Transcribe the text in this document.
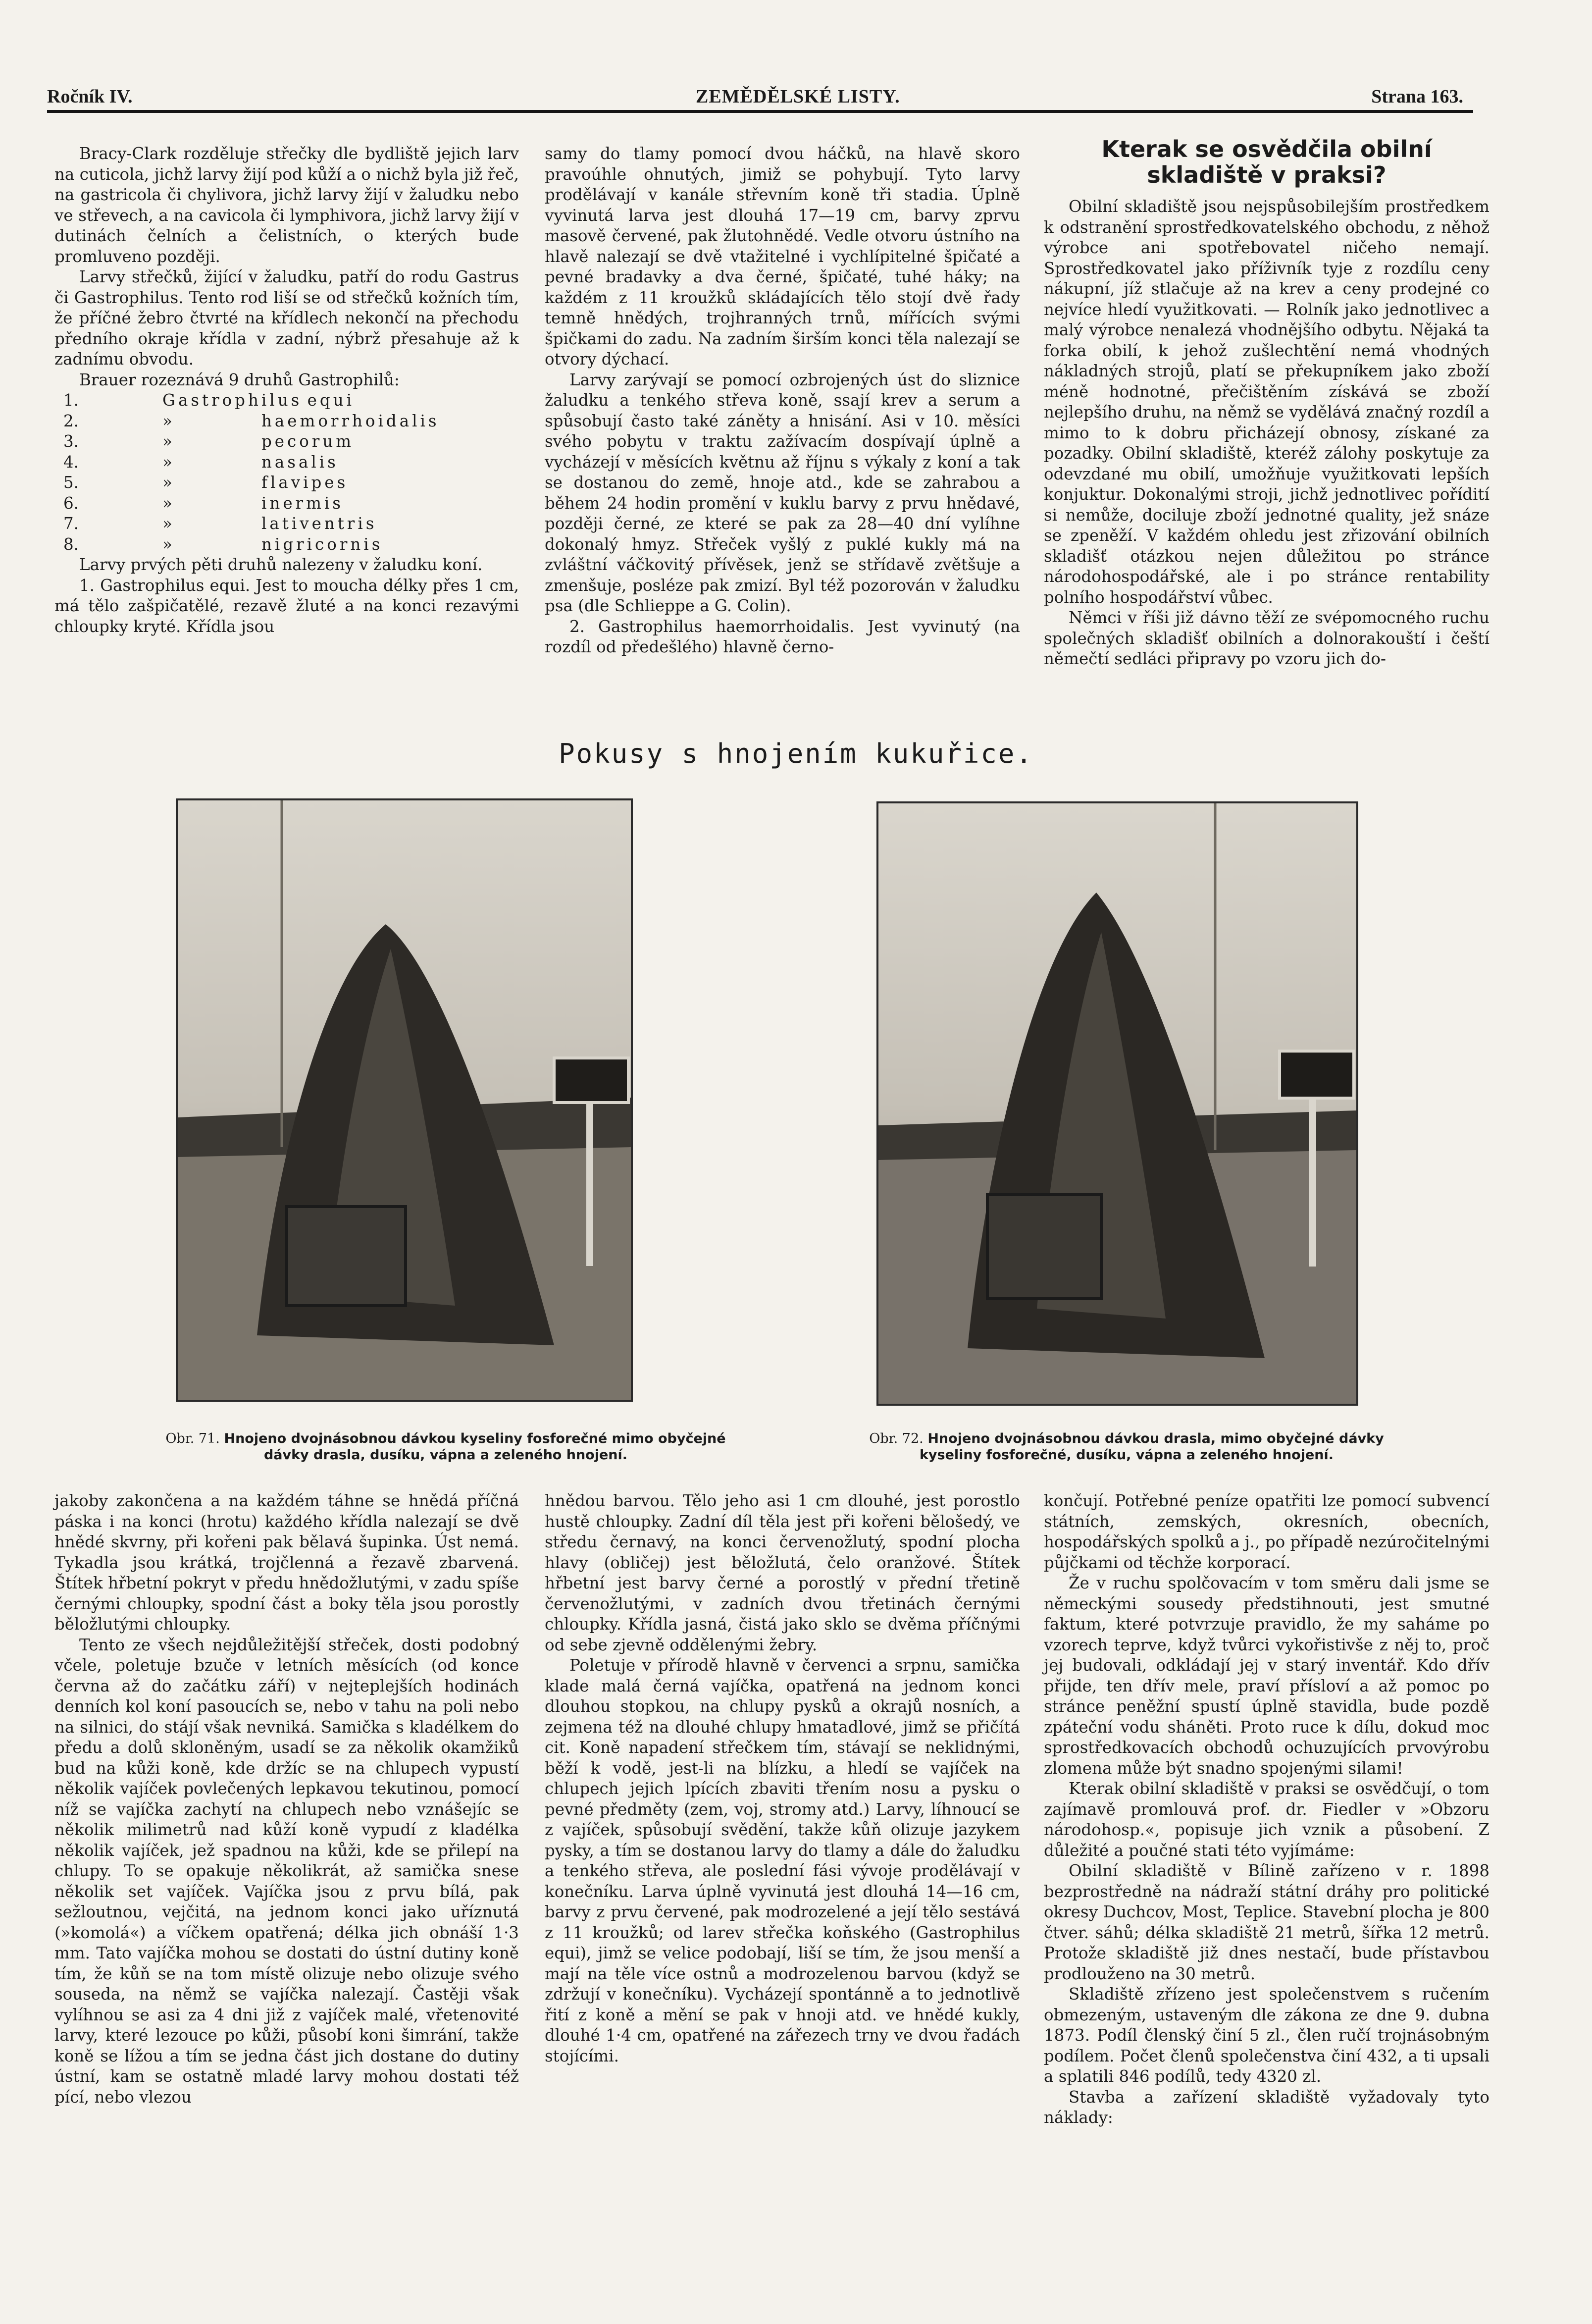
Ročník IV.	ZEMĚDĚLSKÉ LISTY.	Strana 163.

Bracy-Clark rozděluje střečky dle bydliště jejich larv na cuticola, jichž larvy žijí pod kůží a o nichž byla již řeč, na gastricola či chylivora, jichž larvy žijí v žaludku nebo ve střevech, a na cavicola či lymphivora, jichž larvy žijí v dutinách čelních a čelistních, o kterých bude promluveno později.

Larvy střečků, žijící v žaludku, patří do rodu Gastrus či Gastrophilus. Tento rod liší se od střečků kožních tím, že příčné žebro čtvrté na křídlech nekončí na přechodu předního okraje křídla v zadní, nýbrž přesahuje až k zadnímu obvodu.

Brauer rozeznává 9 druhů Gastrophilů:

1.	Gastrophilus equi
2.	»	haemorrhoidalis
3.	»	pecorum
4.	»	nasalis
5.	»	flavipes
6.	»	inermis
7.	»	lativentris
8.	»	nigricornis

Larvy prvých pěti druhů nalezeny v žaludku koní.

1. Gastrophilus equi. Jest to moucha délky přes 1 cm, má tělo zašpičatělé, rezavě žluté a na konci rezavými chloupky kryté. Křídla jsou

samy do tlamy pomocí dvou háčků, na hlavě skoro pravoúhle ohnutých, jimiž se pohybují. Tyto larvy prodělávají v kanále střevním koně tři stadia. Úplně vyvinutá larva jest dlouhá 17—19 cm, barvy zprvu masově červené, pak žlutohnědé. Vedle otvoru ústního na hlavě nalezají se dvě vtažitelné i vychlípitelné špičaté a pevné bradavky a dva černé, špičaté, tuhé háky; na každém z 11 kroužků skládajících tělo stojí dvě řady temně hnědých, trojhranných trnů, mířících svými špičkami do zadu. Na zadním širším konci těla nalezají se otvory dýchací.

Larvy zarývají se pomocí ozbrojených úst do sliznice žaludku a tenkého střeva koně, ssají krev a serum a spůsobují často také záněty a hnisání. Asi v 10. měsíci svého pobytu v traktu zažívacím dospívají úplně a vycházejí v měsících květnu až říjnu s výkaly z koní a tak se dostanou do země, hnoje atd., kde se zahrabou a během 24 hodin promění v kuklu barvy z prvu hnědavé, později černé, ze které se pak za 28—40 dní vylíhne dokonalý hmyz. Střeček vyšlý z puklé kukly má na zvláštní váčkovitý přívěsek, jenž se střídavě zvětšuje a zmenšuje, posléze pak zmizí. Byl též pozorován v žaludku psa (dle Schlieppe a G. Colin).

2. Gastrophilus haemorrhoidalis. Jest vyvinutý (na rozdíl od předešlého) hlavně černo-

Kterak se osvědčila obilní skladiště v praksi?

Obilní skladiště jsou nejspůsobilejším prostředkem k odstranění sprostředkovatelského obchodu, z něhož výrobce ani spotřebovatel ničeho nemají. Sprostředkovatel jako příživník tyje z rozdílu ceny nákupní, jíž stlačuje až na krev a ceny prodejné co nejvíce hledí využitkovati. — Rolník jako jednotlivec a malý výrobce nenalezá vhodnějšího odbytu. Nějaká ta forka obilí, k jehož zušlechtění nemá vhodných nákladných strojů, platí se překupníkem jako zboží méně hodnotné, přečištěním získává se zboží nejlepšího druhu, na němž se vydělává značný rozdíl a mimo to k dobru přicházejí obnosy, získané za pozadky. Obilní skladiště, kteréž zálohy poskytuje za odevzdané mu obilí, umožňuje využitkovati lepších konjuktur. Dokonalými stroji, jichž jednotlivec pořídití si nemůže, dociluje zboží jednotné quality, jež snáze se zpeněží. V každém ohledu jest zřizování obilních skladišť otázkou nejen důležitou po stránce národohospodářské, ale i po stránce rentability polního hospodářství vůbec.

Němci v říši již dávno těží ze svépomocného ruchu společných skladišť obilních a dolnorakouští i čeští němečtí sedláci připravy po vzoru jich do-

Pokusy s hnojením kukuřice.
Obr. 71. Hnojeno dvojnásobnou dávkou kyseliny fosforečné mimo obyčejné dávky drasla, dusíku, vápna a zeleného hnojení.
Obr. 72. Hnojeno dvojnásobnou dávkou drasla, mimo obyčejné dávky kyseliny fosforečné, dusíku, vápna a zeleného hnojení.

jakoby zakončena a na každém táhne se hnědá příčná páska i na konci (hrotu) každého křídla nalezají se dvě hnědé skvrny, při kořeni pak bělavá šupinka. Úst nemá. Tykadla jsou krátká, trojčlenná a řezavě zbarvená. Štítek hřbetní pokryt v předu hnědožlutými, v zadu spíše černými chloupky, spodní část a boky těla jsou porostly běložlutými chloupky.

Tento ze všech nejdůležitější střeček, dosti podobný včele, poletuje bzuče v letních měsících (od konce června až do začátku září) v nejteplejších hodinách denních kol koní pasoucích se, nebo v tahu na poli nebo na silnici, do stájí však nevniká. Samička s kladélkem do předu a dolů skloněným, usadí se za několik okamžiků bud na kůži koně, kde držíc se na chlupech vypustí několik vajíček povlečených lepkavou tekutinou, pomocí níž se vajíčka zachytí na chlupech nebo vznášejíc se několik milimetrů nad kůží koně vypudí z kladélka několik vajíček, jež spadnou na kůži, kde se přilepí na chlupy. To se opakuje několikrát, až samička snese několik set vajíček. Vajíčka jsou z prvu bílá, pak sežloutnou, vejčitá, na jednom konci jako uříznutá (»komolá«) a víčkem opatřená; délka jich obnáší 1·3 mm. Tato vajíčka mohou se dostati do ústní dutiny koně tím, že kůň se na tom místě olizuje nebo olizuje svého souseda, na němž se vajíčka nalezají. Častěji však vylíhnou se asi za 4 dni již z vajíček malé, vřetenovité larvy, které lezouce po kůži, působí koni šimrání, takže koně se lížou a tím se jedna část jich dostane do dutiny ústní, kam se ostatně mladé larvy mohou dostati též pící, nebo vlezou

hnědou barvou. Tělo jeho asi 1 cm dlouhé, jest porostlo hustě chloupky. Zadní díl těla jest při kořeni bělošedý, ve středu černavý, na konci červenožlutý, spodní plocha hlavy (obličej) jest běložlutá, čelo oranžové. Štítek hřbetní jest barvy černé a porostlý v přední třetině červenožlutými, v zadních dvou třetinách černými chloupky. Křídla jasná, čistá jako sklo se dvěma příčnými od sebe zjevně oddělenými žebry.

Poletuje v přírodě hlavně v červenci a srpnu, samička klade malá černá vajíčka, opatřená na jednom konci dlouhou stopkou, na chlupy pysků a okrajů nosních, a zejmena též na dlouhé chlupy hmatadlové, jimž se přičítá cit. Koně napadení střečkem tím, stávají se neklidnými, běží k vodě, jest-li na blízku, a hledí se vajíček na chlupech jejich lpících zbaviti třením nosu a pysku o pevné předměty (zem, voj, stromy atd.) Larvy, líhnoucí se z vajíček, spůsobují svědění, takže kůň olizuje jazykem pysky, a tím se dostanou larvy do tlamy a dále do žaludku a tenkého střeva, ale poslední fási vývoje prodělávají v konečníku. Larva úplně vyvinutá jest dlouhá 14—16 cm, barvy z prvu červené, pak modrozelené a její tělo sestává z 11 kroužků; od larev střečka koňského (Gastrophilus equi), jimž se velice podobají, liší se tím, že jsou menší a mají na těle více ostnů a modrozelenou barvou (když se zdržují v konečníku). Vycházejí spontánně a to jednotlivě řití z koně a mění se pak v hnoji atd. ve hnědé kukly, dlouhé 1·4 cm, opatřené na zářezech trny ve dvou řadách stojícími.

končují. Potřebné peníze opatřiti lze pomocí subvencí státních, zemských, okresních, obecních, hospodářských spolků a j., po případě nezúročitelnými půjčkami od těchže korporací.

Že v ruchu spolčovacím v tom směru dali jsme se německými sousedy předstihnouti, jest smutné faktum, které potvrzuje pravidlo, že my saháme po vzorech teprve, když tvůrci vykořistivše z něj to, proč jej budovali, odkládají jej v starý inventář. Kdo dřív přijde, ten dřív mele, praví přísloví a až pomoc po stránce peněžní spustí úplně stavidla, bude pozdě zpáteční vodu sháněti. Proto ruce k dílu, dokud moc sprostředkovacích obchodů ochuzujících prvovýrobu zlomena může být snadno spojenými silami!

Kterak obilní skladiště v praksi se osvědčují, o tom zajímavě promlouvá prof. dr. Fiedler v »Obzoru národohosp.«, popisuje jich vznik a působení. Z důležité a poučné stati této vyjímáme:

Obilní skladiště v Bílině zařízeno v r. 1898 bezprostředně na nádraží státní dráhy pro politické okresy Duchcov, Most, Teplice. Stavební plocha je 800 čtver. sáhů; délka skladiště 21 metrů, šířka 12 metrů. Protože skladiště již dnes nestačí, bude přístavbou prodlouženo na 30 metrů.

Skladiště zřízeno jest společenstvem s ručením obmezeným, ustaveným dle zákona ze dne 9. dubna 1873. Podíl členský činí 5 zl., člen ručí trojnásobným podílem. Počet členů společenstva činí 432, a ti upsali a splatili 846 podílů, tedy 4320 zl.

Stavba a zařízení skladiště vyžadovaly tyto náklady:
